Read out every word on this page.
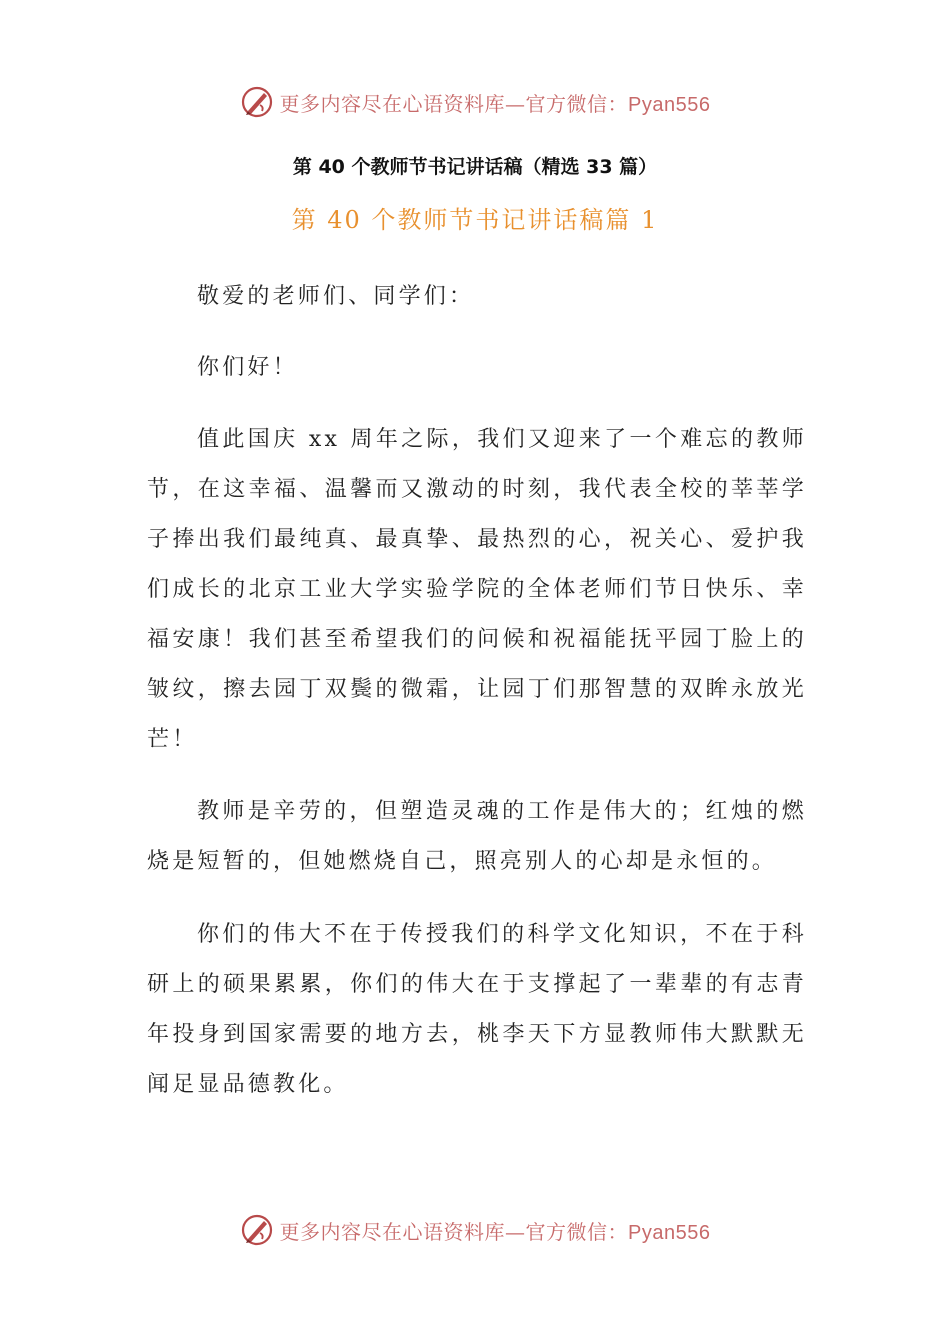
更多内容尽在心语资料库—官方微信：Pyan556
第 40 个教师节书记讲话稿（精选 33 篇）
第 40 个教师节书记讲话稿篇 1

敬爱的老师们、同学们：

你们好！

值此国庆 xx 周年之际，我们又迎来了一个难忘的教师节，在这幸福、温馨而又激动的时刻，我代表全校的莘莘学子捧出我们最纯真、最真挚、最热烈的心，祝关心、爱护我们成长的北京工业大学实验学院的全体老师们节日快乐、幸福安康！我们甚至希望我们的问候和祝福能抚平园丁脸上的皱纹，擦去园丁双鬓的微霜，让园丁们那智慧的双眸永放光芒！

教师是辛劳的，但塑造灵魂的工作是伟大的；红烛的燃烧是短暂的，但她燃烧自己，照亮别人的心却是永恒的。

你们的伟大不在于传授我们的科学文化知识，不在于科研上的硕果累累，你们的伟大在于支撑起了一辈辈的有志青年投身到国家需要的地方去，桃李天下方显教师伟大默默无闻足显品德教化。

更多内容尽在心语资料库—官方微信：Pyan556
